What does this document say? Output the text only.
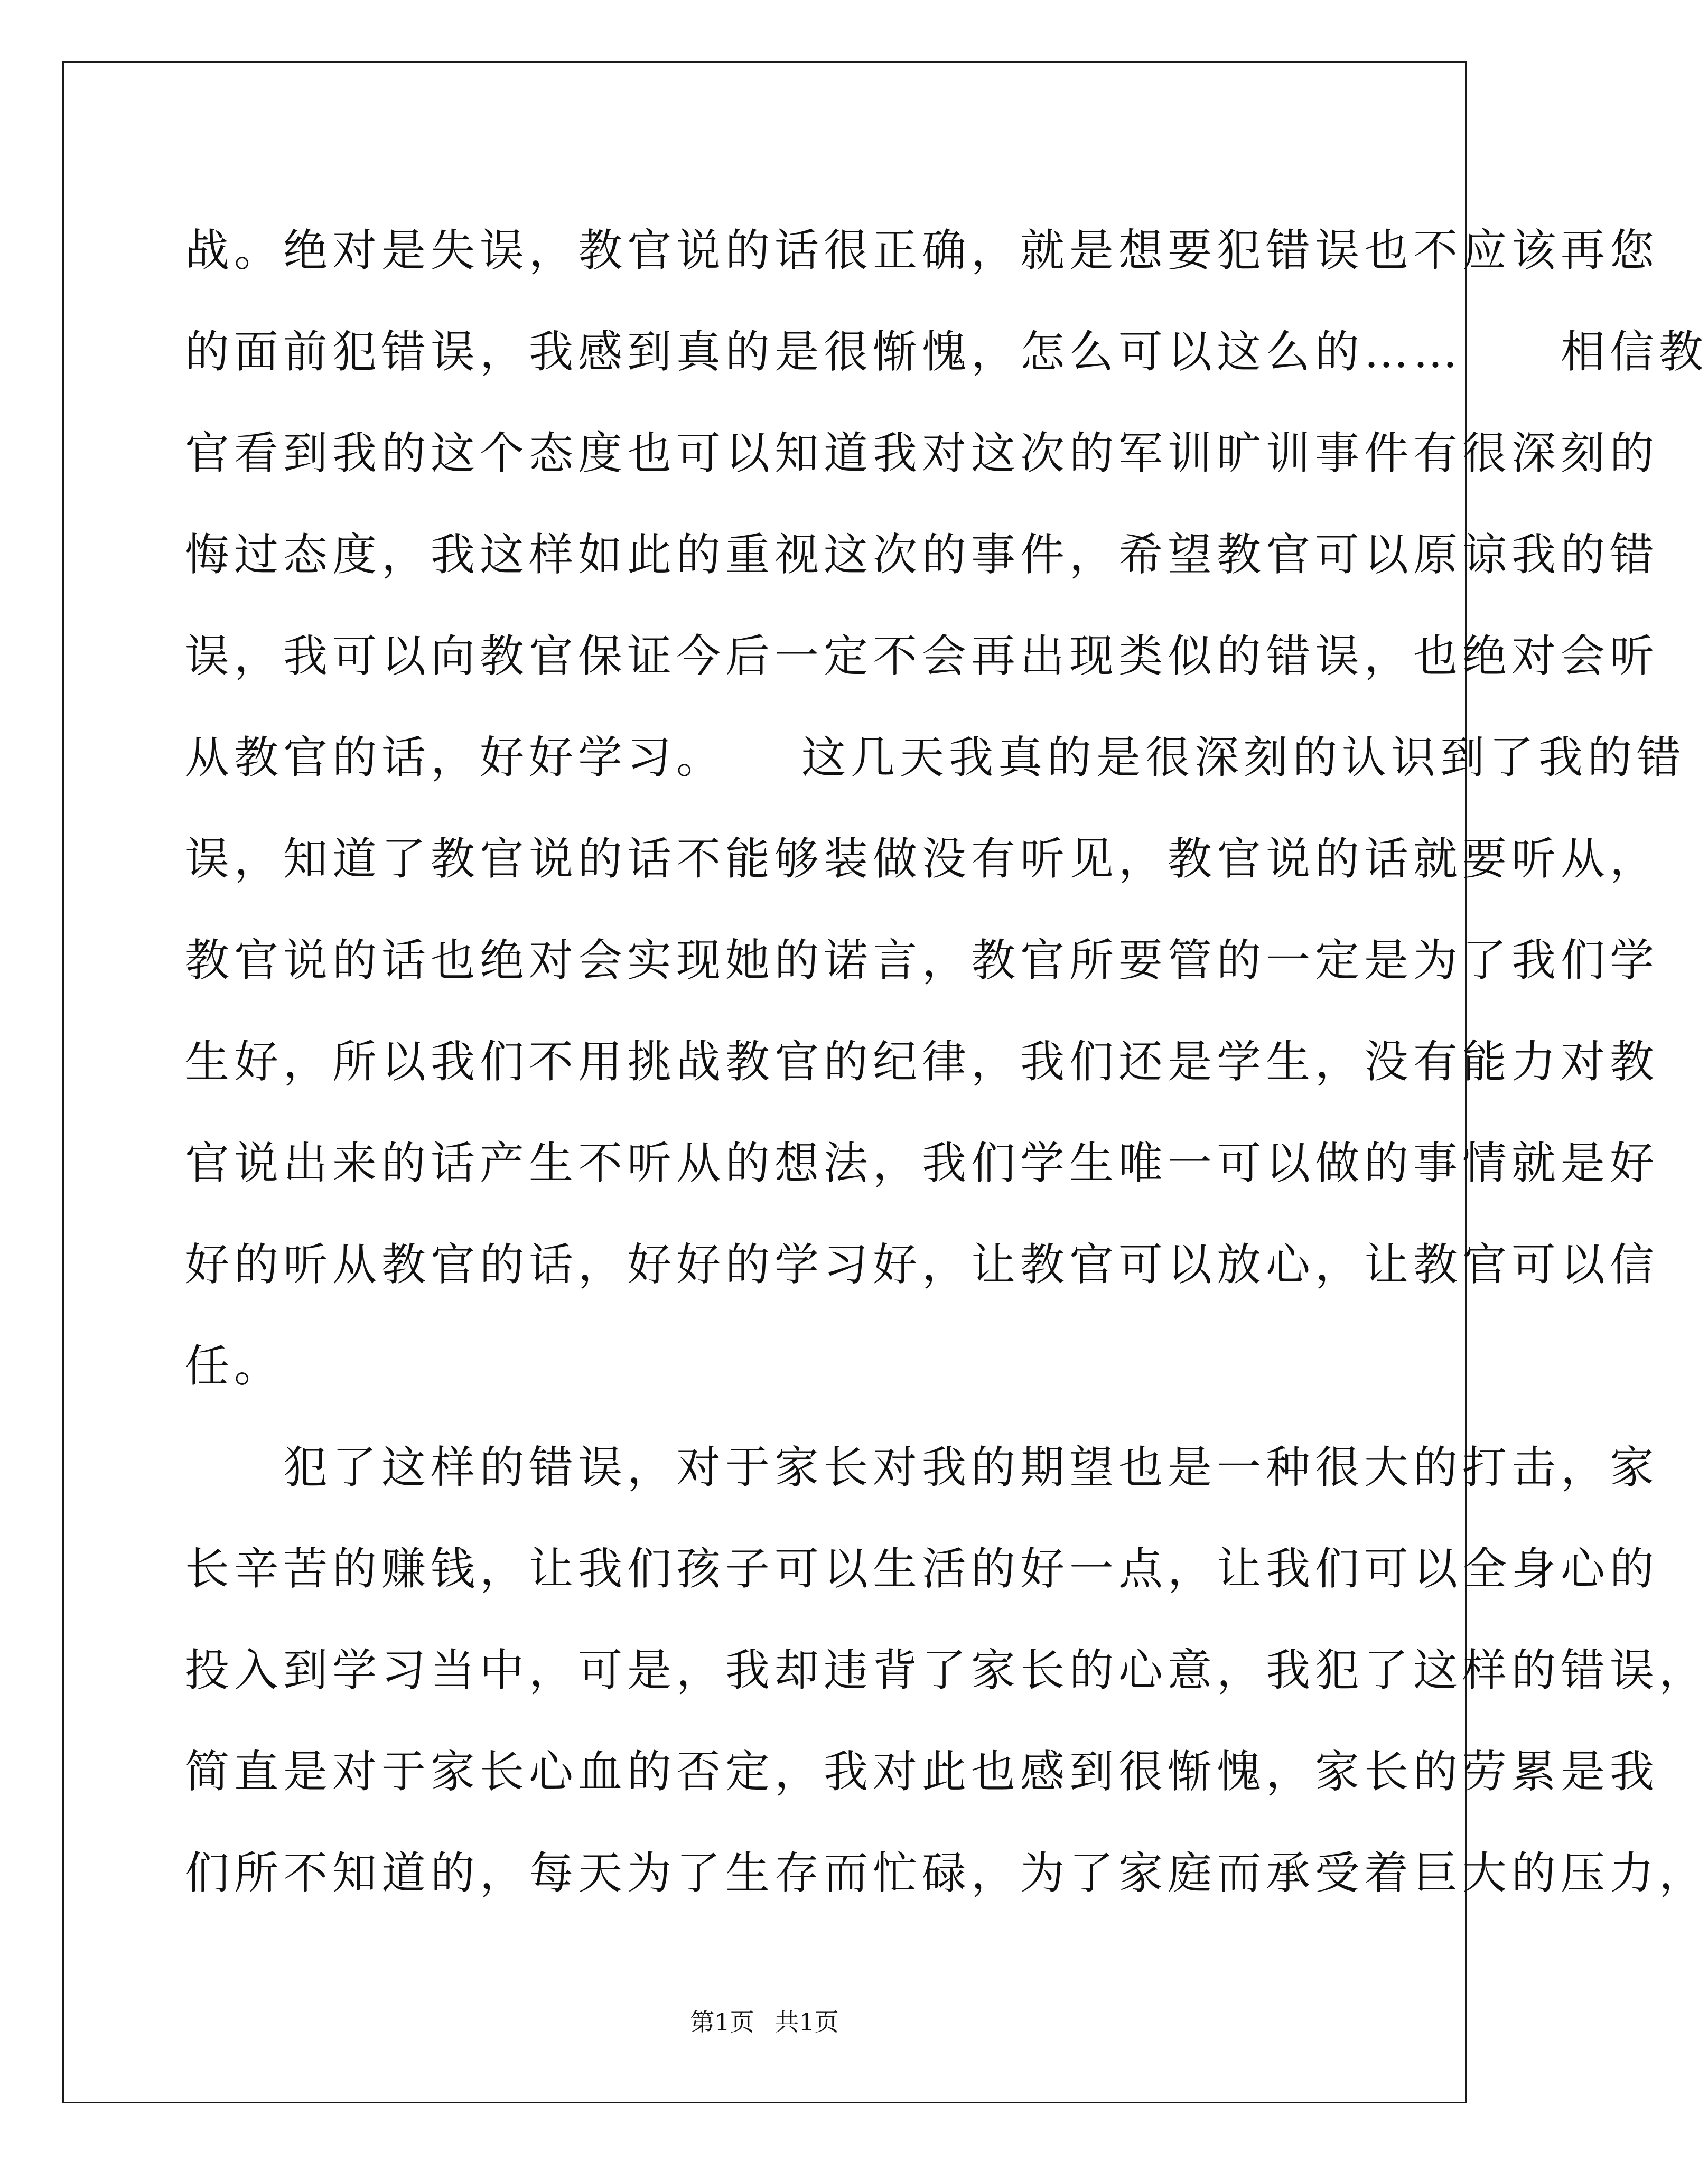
战。绝对是失误，教官说的话很正确，就是想要犯错误也不应该再您
的面前犯错误，我感到真的是很惭愧，怎么可以这么的……　　相信教
官看到我的这个态度也可以知道我对这次的军训旷训事件有很深刻的
悔过态度，我这样如此的重视这次的事件，希望教官可以原谅我的错
误，我可以向教官保证今后一定不会再出现类似的错误，也绝对会听
从教官的话，好好学习。　　这几天我真的是很深刻的认识到了我的错
误，知道了教官说的话不能够装做没有听见，教官说的话就要听从，
教官说的话也绝对会实现她的诺言，教官所要管的一定是为了我们学
生好，所以我们不用挑战教官的纪律，我们还是学生，没有能力对教
官说出来的话产生不听从的想法，我们学生唯一可以做的事情就是好
好的听从教官的话，好好的学习好，让教官可以放心，让教官可以信
任。
　　犯了这样的错误，对于家长对我的期望也是一种很大的打击，家
长辛苦的赚钱，让我们孩子可以生活的好一点，让我们可以全身心的
投入到学习当中，可是，我却违背了家长的心意，我犯了这样的错误，
简直是对于家长心血的否定，我对此也感到很惭愧，家长的劳累是我
们所不知道的，每天为了生存而忙碌，为了家庭而承受着巨大的压力，
第1页 共1页
